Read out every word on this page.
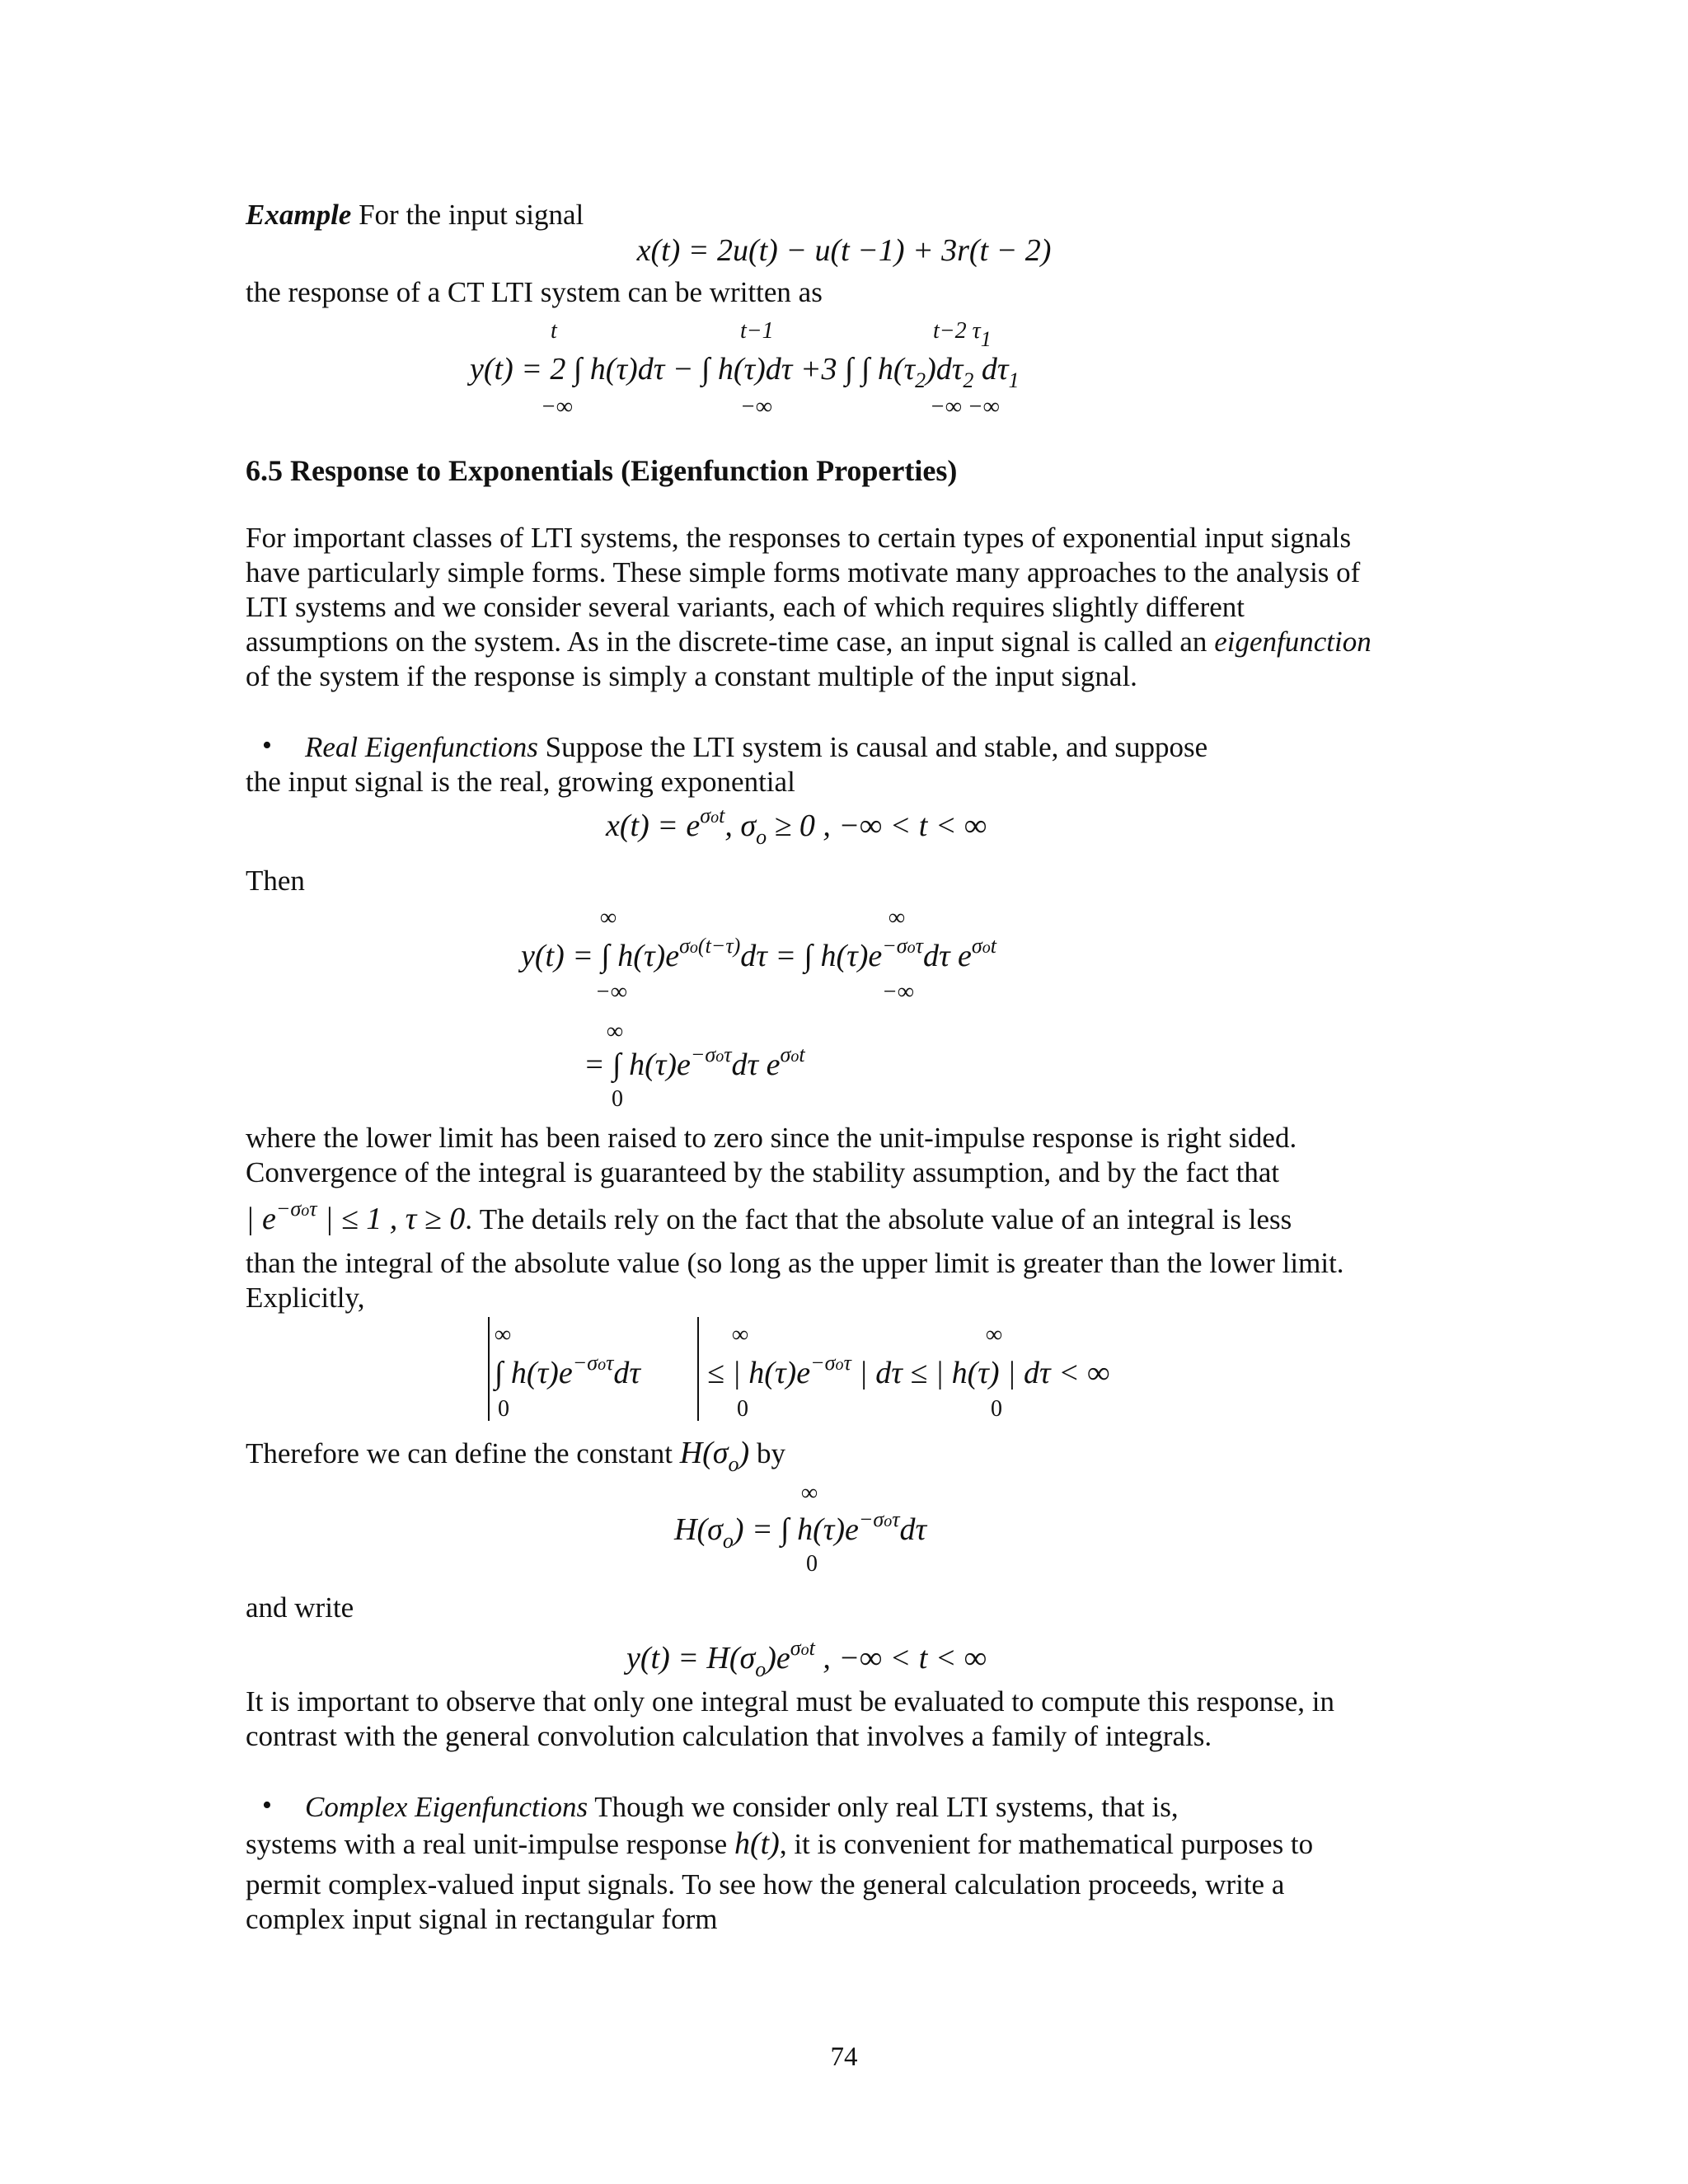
Example For the input signal
x(t) = 2u(t) − u(t −1) + 3r(t − 2)
the response of a CT LTI system can be written as
t	t−1	t−2 τ1
y(t) = 2 ∫ h(τ)dτ − ∫ h(τ)dτ +3 ∫ ∫ $h(\tau_2)d\tau_2$ $d\tau_1$
−∞	−∞	−∞ −∞
6.5 Response to Exponentials (Eigenfunction Properties)
For important classes of LTI systems, the responses to certain types of exponential input signals
have particularly simple forms. These simple forms motivate many approaches to the analysis of
LTI systems and we consider several variants, each of which requires slightly different
assumptions on the system. As in the discrete-time case, an input signal is called an eigenfunction
of the system if the response is simply a constant multiple of the input signal.
• Real Eigenfunctions Suppose the LTI system is causal and stable, and suppose
the input signal is the real, growing exponential
$x(t) = e^{\sigma ot}$, $\sigma_o \ge 0$ , −∞ < t < ∞
Then
∞	∞
y(t) = ∫ $h(\tau)e^{\sigma o(t-\tau)}d\tau$ = ∫ $h(\tau)e^{-\sigma o\tau}d\tau$ $e^{\sigma ot}$
−∞	−∞
∞
= ∫ $h(\tau)e^{-\sigma o\tau}d\tau$ $e^{\sigma ot}$
0
where the lower limit has been raised to zero since the unit-impulse response is right sided.
Convergence of the integral is guaranteed by the stability assumption, and by the fact that
| $e^{-\sigma o\tau}$ | ≤ 1 , τ ≥ 0. The details rely on the fact that the absolute value of an integral is less
than the integral of the absolute value (so long as the upper limit is greater than the lower limit.
Explicitly,
∞	∞	∞
∫ $h(\tau)e^{-\sigma o\tau}d\tau$ ≤ | $h(\tau)e^{-\sigma o\tau}$ | dτ ≤ | h(τ) | dτ < ∞
0	0	0
Therefore we can define the constant $H(\sigma_o)$ by
∞
$H(\sigma_o)$ = ∫ $h(\tau)e^{-\sigma o\tau}d\tau$
0
and write
$y(t) = H(\sigma_o)e^{\sigma ot}$ , −∞ < t < ∞
It is important to observe that only one integral must be evaluated to compute this response, in
contrast with the general convolution calculation that involves a family of integrals.
• Complex Eigenfunctions Though we consider only real LTI systems, that is,
systems with a real unit-impulse response h(t), it is convenient for mathematical purposes to
permit complex-valued input signals. To see how the general calculation proceeds, write a
complex input signal in rectangular form
74
